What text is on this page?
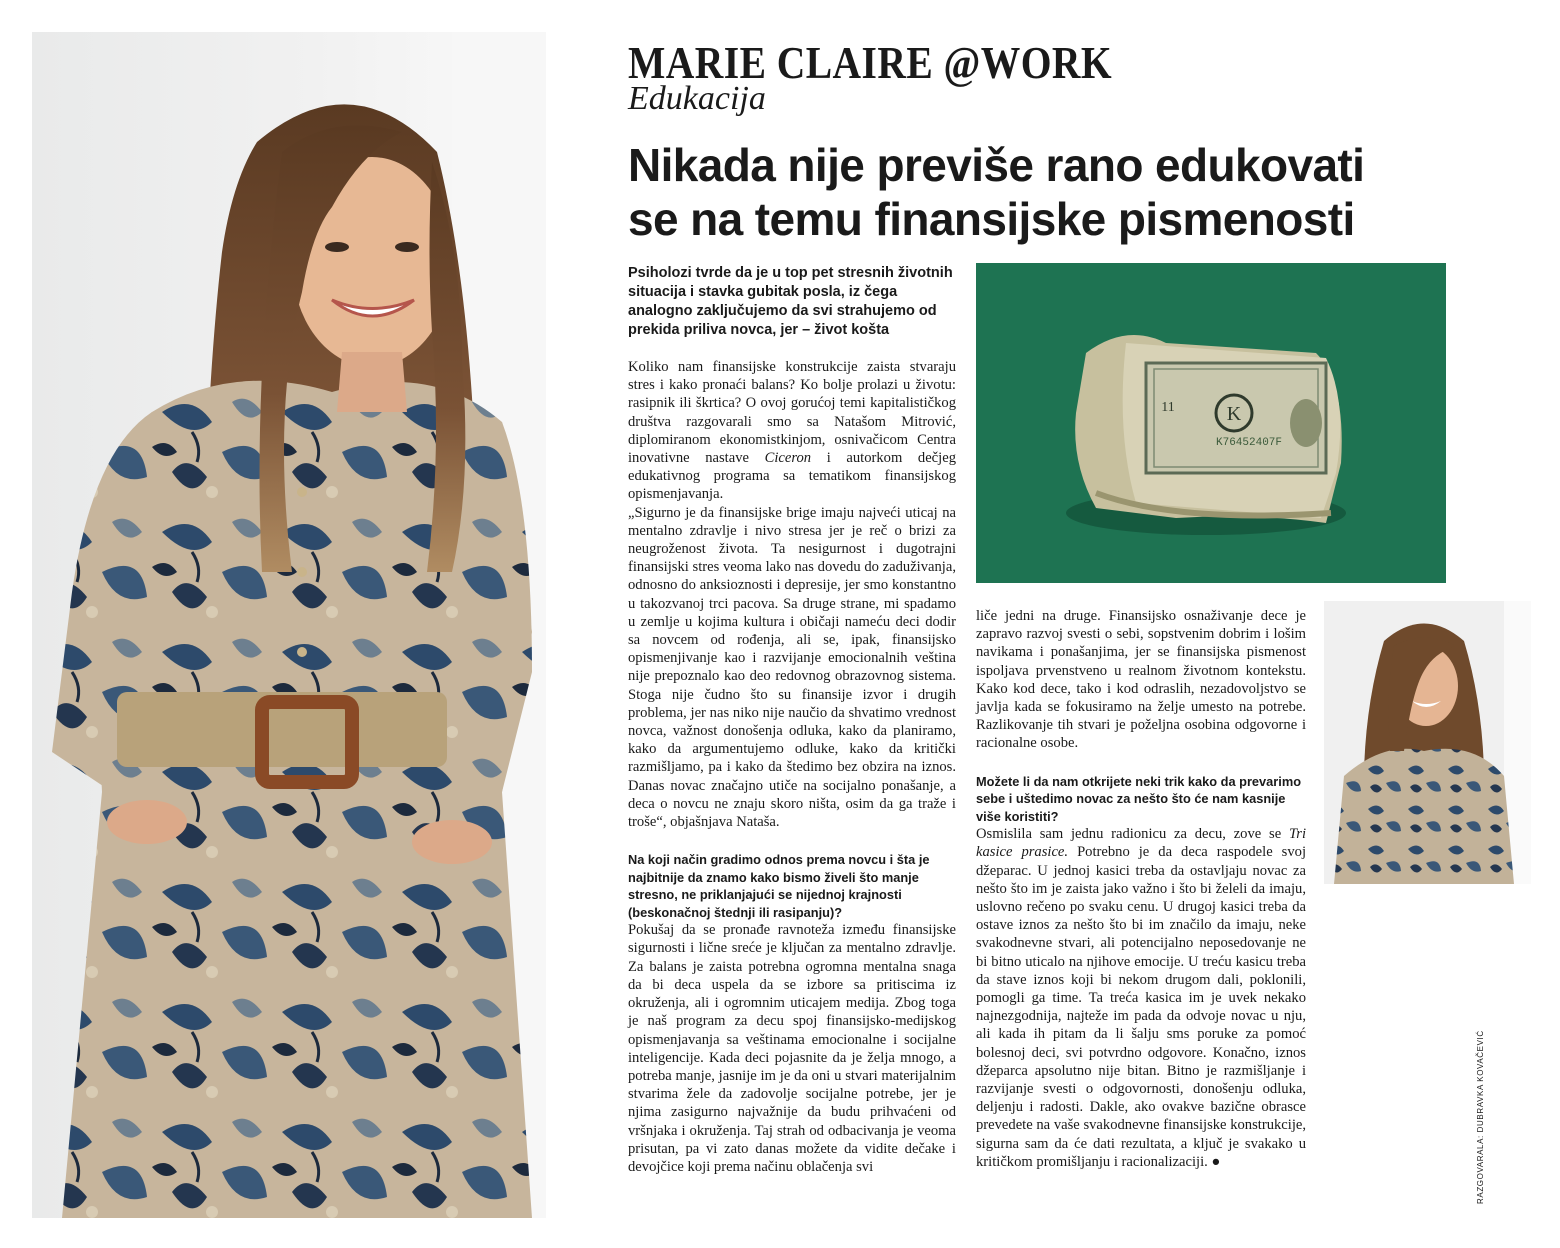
MARIE CLAIRE @WORK
Edukacija
Nikada nije previše rano edukovati
se na temu finansijske pismenosti
Psiholozi tvrde da je u top pet stresnih životnih situacija i stavka gubitak posla, iz čega analogno zaključujemo da svi strahujemo od prekida priliva novca, jer – život košta
K
11
K76452407F

Koliko nam finansijske konstrukcije zaista stvaraju stres i kako pronaći balans? Ko bolje prolazi u životu: rasipnik ili škrtica? O ovoj gorućoj temi kapitalističkog društva razgovarali smo sa Natašom Mitrović, diplomiranom ekonomistkinjom, osnivačicom Centra inovativne nastave Ciceron i autorkom dečjeg edukativnog programa sa tematikom finansijskog opismenjavanja.

„Sigurno je da finansijske brige imaju najveći uticaj na mentalno zdravlje i nivo stresa jer je reč o brizi za neugroženost života. Ta nesigurnost i dugotrajni finansijski stres veoma lako nas dovedu do zaduživanja, odnosno do anksioznosti i depresije, jer smo konstantno u takozvanoj trci pacova. Sa druge strane, mi spadamo u zemlje u kojima kultura i običaji nameću deci dodir sa novcem od rođenja, ali se, ipak, finansijsko opismenjivanje kao i razvijanje emocionalnih veština nije prepoznalo kao deo redovnog obrazovnog sistema. Stoga nije čudno što su finansije izvor i drugih problema, jer nas niko nije naučio da shvatimo vrednost novca, važnost donošenja odluka, kako da planiramo, kako da argumentujemo odluke, kako da kritički razmišljamo, pa i kako da štedimo bez obzira na iznos. Danas novac značajno utiče na socijalno ponašanje, a deca o novcu ne znaju skoro ništa, osim da ga traže i troše“, objašnjava Nataša.

Na koji način gradimo odnos prema novcu i šta je najbitnije da znamo kako bismo živeli što manje stresno, ne priklanjajući se nijednoj krajnosti (beskonačnoj štednji ili rasipanju)?

Pokušaj da se pronađe ravnoteža između finansijske sigurnosti i lične sreće je ključan za mentalno zdravlje. Za balans je zaista potrebna ogromna mentalna snaga da bi deca uspela da se izbore sa pritiscima iz okruženja, ali i ogromnim uticajem medija. Zbog toga je naš program za decu spoj finansijsko-medijskog opismenjavanja sa veštinama emocionalne i socijalne inteligencije. Kada deci pojasnite da je želja mnogo, a potreba manje, jasnije im je da oni u stvari materijalnim stvarima žele da zadovolje socijalne potrebe, jer je njima zasigurno najvažnije da budu prihvaćeni od vršnjaka i okruženja. Taj strah od odbacivanja je veoma prisutan, pa vi zato danas možete da vidite dečake i devojčice koji prema načinu oblačenja svi

liče jedni na druge. Finansijsko osnaživanje dece je zapravo razvoj svesti o sebi, sopstvenim dobrim i lošim navikama i ponašanjima, jer se finansijska pismenost ispoljava prvenstveno u realnom životnom kontekstu. Kako kod dece, tako i kod odraslih, nezadovoljstvo se javlja kada se fokusiramo na želje umesto na potrebe. Razlikovanje tih stvari je poželjna osobina odgovorne i racionalne osobe.

Možete li da nam otkrijete neki trik kako da prevarimo sebe i uštedimo novac za nešto što će nam kasnije više koristiti?

Osmislila sam jednu radionicu za decu, zove se Tri kasice prasice. Potrebno je da deca raspodele svoj džeparac. U jednoj kasici treba da ostavljaju novac za nešto što im je zaista jako važno i što bi želeli da imaju, uslovno rečeno po svaku cenu. U drugoj kasici treba da ostave iznos za nešto što bi im značilo da imaju, neke svakodnevne stvari, ali potencijalno neposedovanje ne bi bitno uticalo na njihove emocije. U treću kasicu treba da stave iznos koji bi nekom drugom dali, poklonili, pomogli ga time. Ta treća kasica im je uvek nekako najnezgodnija, najteže im pada da odvoje novac u nju, ali kada ih pitam da li šalju sms poruke za pomoć bolesnoj deci, svi potvrdno odgovore. Konačno, iznos džeparca apsolutno nije bitan. Bitno je razmišljanje i razvijanje svesti o odgovornosti, donošenju odluka, deljenju i radosti. Dakle, ako ovakve bazične obrasce prevedete na vaše svakodnevne finansijske konstrukcije, sigurna sam da će dati rezultata, a ključ je svakako u kritičkom promišljanju i racionalizaciji. ●	RAZGOVARALA: DUBRAVKA KOVAČEVIĆ
